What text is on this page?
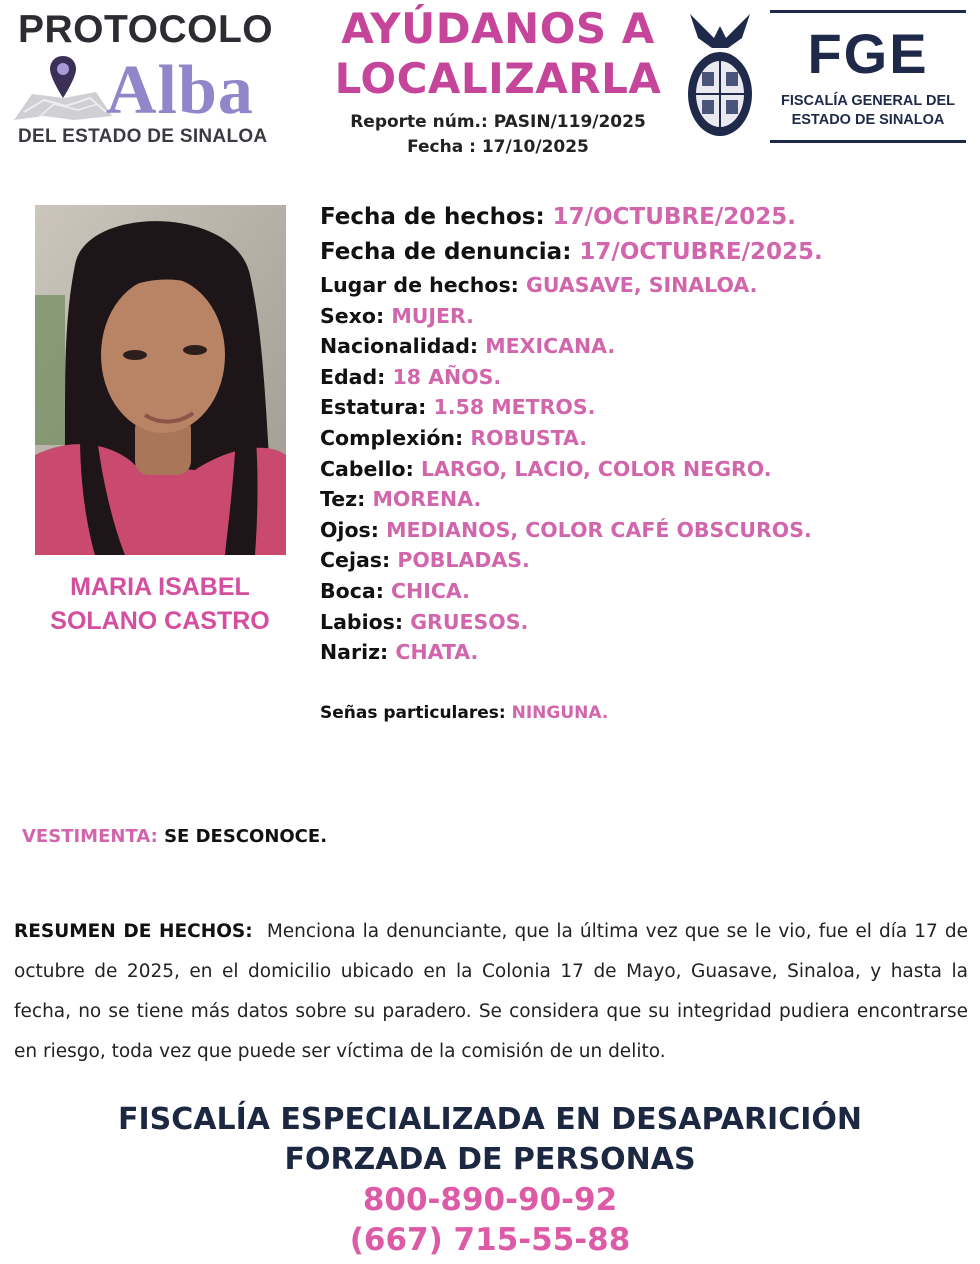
PROTOCOLO
Alba
DEL ESTADO DE SINALOA
AYÚDANOS A
LOCALIZARLA
Reporte núm.: PASIN/119/2025
Fecha : 17/10/2025
FGE
FISCALÍA GENERAL DEL
ESTADO DE SINALOA
MARIA ISABEL
SOLANO CASTRO
Fecha de hechos: 17/OCTUBRE/2025.
Fecha de denuncia: 17/OCTUBRE/2025.
Lugar de hechos: GUASAVE, SINALOA.
Sexo: MUJER.
Nacionalidad: MEXICANA.
Edad: 18 AÑOS.
Estatura: 1.58 METROS.
Complexión: ROBUSTA.
Cabello: LARGO, LACIO, COLOR NEGRO.
Tez: MORENA.
Ojos: MEDIANOS, COLOR CAFÉ OBSCUROS.
Cejas: POBLADAS.
Boca: CHICA.
Labios: GRUESOS.
Nariz: CHATA.
Señas particulares: NINGUNA.
VESTIMENTA: SE DESCONOCE.
RESUMEN DE HECHOS: Menciona la denunciante, que la última vez que se le vio, fue el día 17 de octubre de 2025, en el domicilio ubicado en la Colonia 17 de Mayo, Guasave, Sinaloa, y hasta la fecha, no se tiene más datos sobre su paradero. Se considera que su integridad pudiera encontrarse en riesgo, toda vez que puede ser víctima de la comisión de un delito.
FISCALÍA ESPECIALIZADA EN DESAPARICIÓN
FORZADA DE PERSONAS
800-890-90-92
(667) 715-55-88
